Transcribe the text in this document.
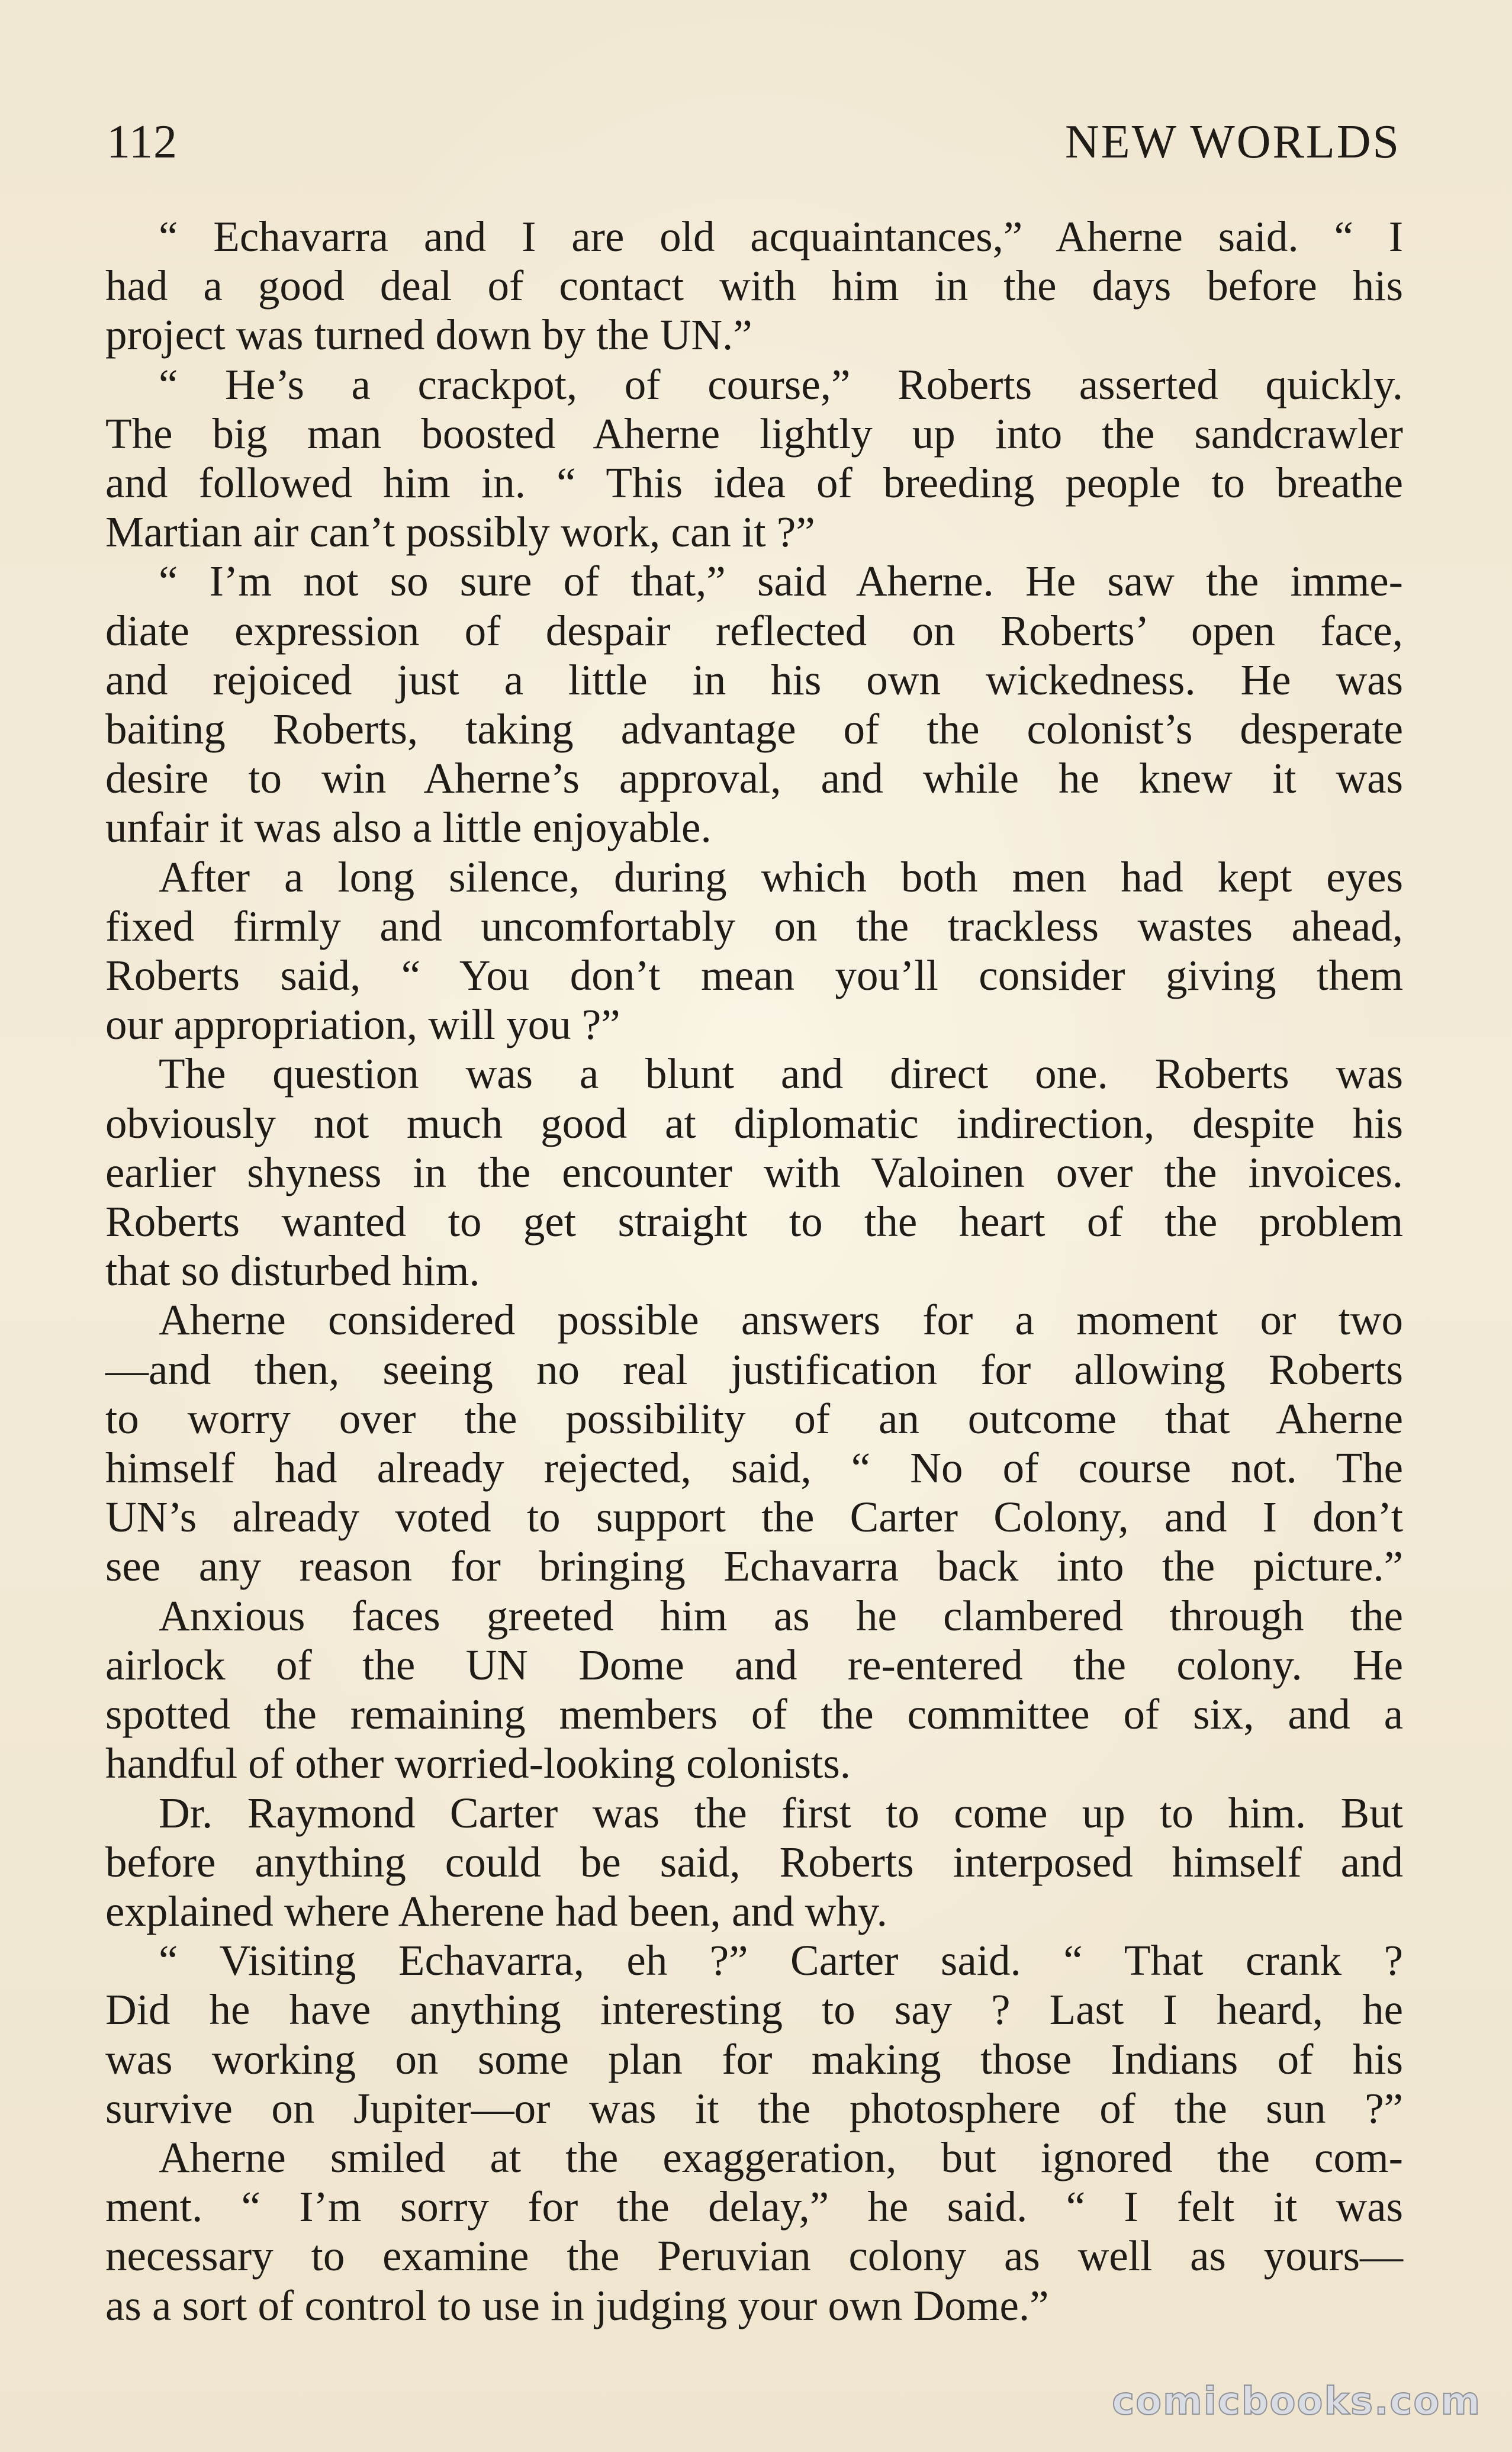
112	NEW WORLDS

“ Echavarra and I are old acquaintances,” Aherne said. “ I
had a good deal of contact with him in the days before his
project was turned down by the UN.”

“ He’s a crackpot, of course,” Roberts asserted quickly.
The big man boosted Aherne lightly up into the sandcrawler
and followed him in. “ This idea of breeding people to breathe
Martian air can’t possibly work, can it ?”

“ I’m not so sure of that,” said Aherne. He saw the imme-
diate expression of despair reflected on Roberts’ open face,
and rejoiced just a little in his own wickedness. He was
baiting Roberts, taking advantage of the colonist’s desperate
desire to win Aherne’s approval, and while he knew it was
unfair it was also a little enjoyable.

After a long silence, during which both men had kept eyes
fixed firmly and uncomfortably on the trackless wastes ahead,
Roberts said, “ You don’t mean you’ll consider giving them
our appropriation, will you ?”

The question was a blunt and direct one. Roberts was
obviously not much good at diplomatic indirection, despite his
earlier shyness in the encounter with Valoinen over the invoices.
Roberts wanted to get straight to the heart of the problem
that so disturbed him.

Aherne considered possible answers for a moment or two
—and then, seeing no real justification for allowing Roberts
to worry over the possibility of an outcome that Aherne
himself had already rejected, said, “ No of course not. The
UN’s already voted to support the Carter Colony, and I don’t
see any reason for bringing Echavarra back into the picture.”

Anxious faces greeted him as he clambered through the
airlock of the UN Dome and re-entered the colony. He
spotted the remaining members of the committee of six, and a
handful of other worried-looking colonists.

Dr. Raymond Carter was the first to come up to him. But
before anything could be said, Roberts interposed himself and
explained where Aherene had been, and why.

“ Visiting Echavarra, eh ?” Carter said. “ That crank ?
Did he have anything interesting to say ? Last I heard, he
was working on some plan for making those Indians of his
survive on Jupiter—or was it the photosphere of the sun ?”

Aherne smiled at the exaggeration, but ignored the com-
ment. “ I’m sorry for the delay,” he said. “ I felt it was
necessary to examine the Peruvian colony as well as yours—
as a sort of control to use in judging your own Dome.”

comicbooks.com
